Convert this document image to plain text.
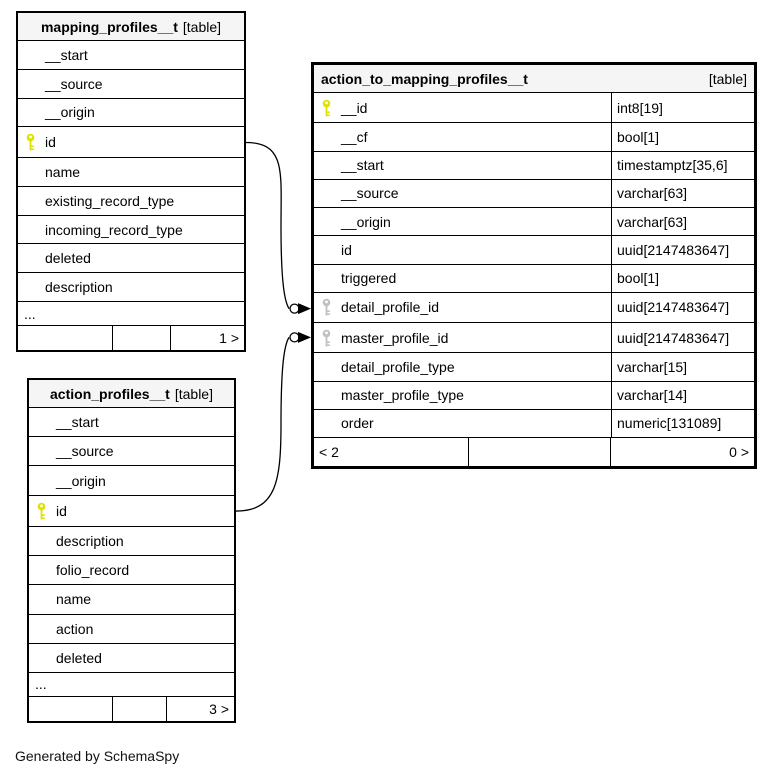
Generated by SchemaSpy
mapping_profiles__t [table]
__start
__source
__origin
id
name
existing_record_type
incoming_record_type
deleted
description
...
1 >
action_to_mapping_profiles__t	[table]
__id	int8[19]
__cf	bool[1]
__start	timestamptz[35,6]
__source	varchar[63]
__origin	varchar[63]
id	uuid[2147483647]
triggered	bool[1]
detail_profile_id	uuid[2147483647]
master_profile_id	uuid[2147483647]
detail_profile_type	varchar[15]
master_profile_type	varchar[14]
order	numeric[131089]
< 2	0 >
action_profiles__t [table]
__start
__source
__origin
id
description
folio_record
name
action
deleted
...
3 >
